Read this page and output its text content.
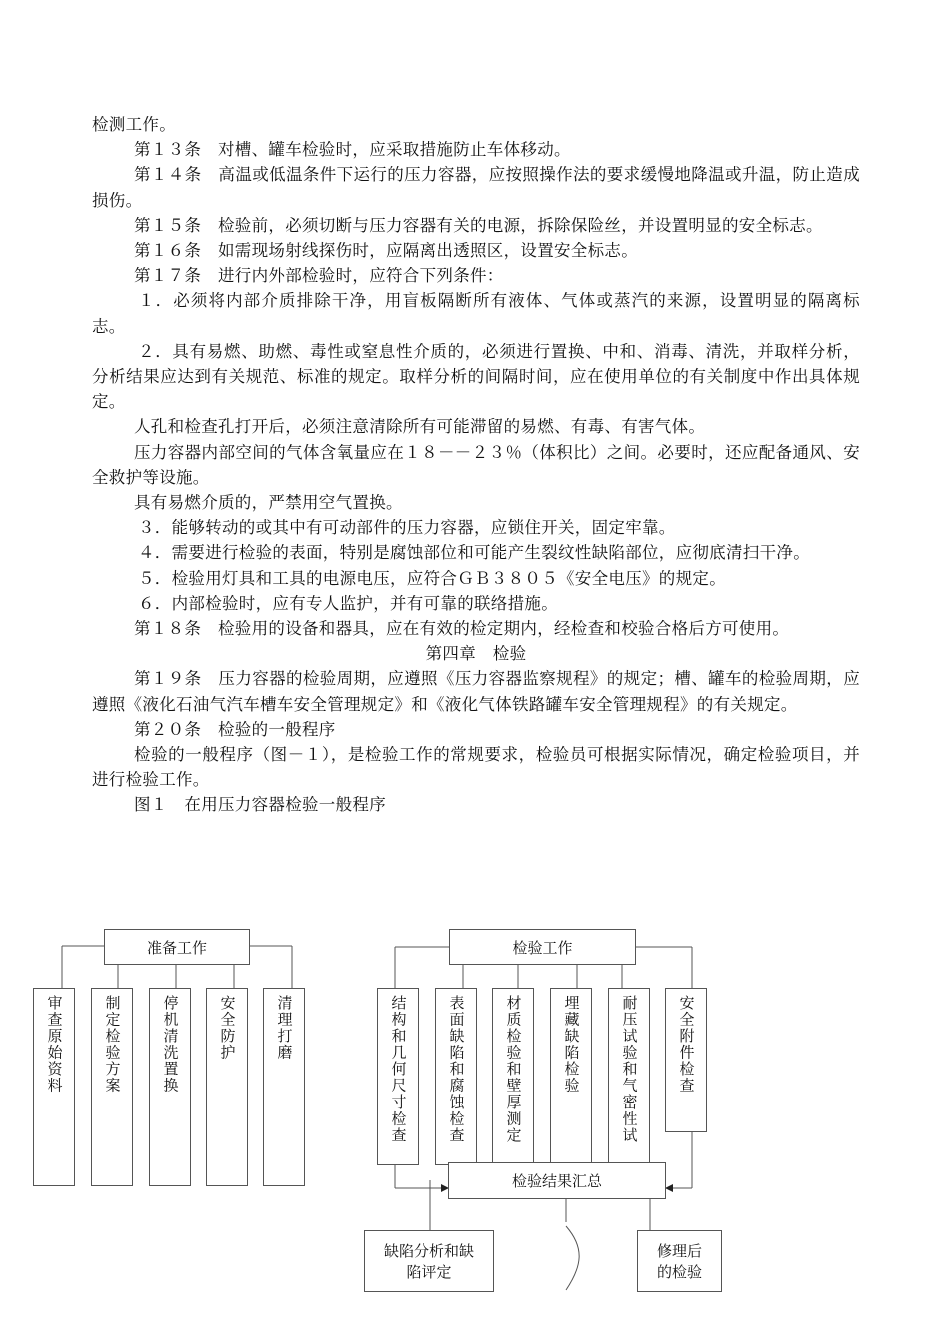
检测工作。

第１３条　对槽、罐车检验时，应采取措施防止车体移动。

第１４条　高温或低温条件下运行的压力容器，应按照操作法的要求缓慢地降温或升温，防止造成损伤。

第１５条　检验前，必须切断与压力容器有关的电源，拆除保险丝，并设置明显的安全标志。

第１６条　如需现场射线探伤时，应隔离出透照区，设置安全标志。

第１７条　进行内外部检验时，应符合下列条件：

１．必须将内部介质排除干净，用盲板隔断所有液体、气体或蒸汽的来源，设置明显的隔离标志。

２．具有易燃、助燃、毒性或窒息性介质的，必须进行置换、中和、消毒、清洗，并取样分析，分析结果应达到有关规范、标准的规定。取样分析的间隔时间，应在使用单位的有关制度中作出具体规定。

人孔和检查孔打开后，必须注意清除所有可能滞留的易燃、有毒、有害气体。

压力容器内部空间的气体含氧量应在１８－－２３％（体积比）之间。必要时，还应配备通风、安全救护等设施。

具有易燃介质的，严禁用空气置换。

３．能够转动的或其中有可动部件的压力容器，应锁住开关，固定牢靠。

４．需要进行检验的表面，特别是腐蚀部位和可能产生裂纹性缺陷部位，应彻底清扫干净。

５．检验用灯具和工具的电源电压，应符合ＧＢ３８０５《安全电压》的规定。

６．内部检验时，应有专人监护，并有可靠的联络措施。

第１８条　检验用的设备和器具，应在有效的检定期内，经检查和校验合格后方可使用。

第四章　检验

第１９条　压力容器的检验周期，应遵照《压力容器监察规程》的规定；槽、罐车的检验周期，应遵照《液化石油气汽车槽车安全管理规定》和《液化气体铁路罐车安全管理规程》的有关规定。

第２０条　检验的一般程序

检验的一般程序（图－１），是检验工作的常规要求，检验员可根据实际情况，确定检验项目，并进行检验工作。

图１　在用压力容器检验一般程序

准备工作
审查原始资料	制定检验方案	停机清洗置换	安全防护	清理打磨
检验工作
结构和几何尺寸检查	表面缺陷和腐蚀检查	材质检验和壁厚测定	埋藏缺陷检验	耐压试验和气密性试	安全附件检查
检验结果汇总
缺陷分析和缺
陷评定
修理后
的检验
